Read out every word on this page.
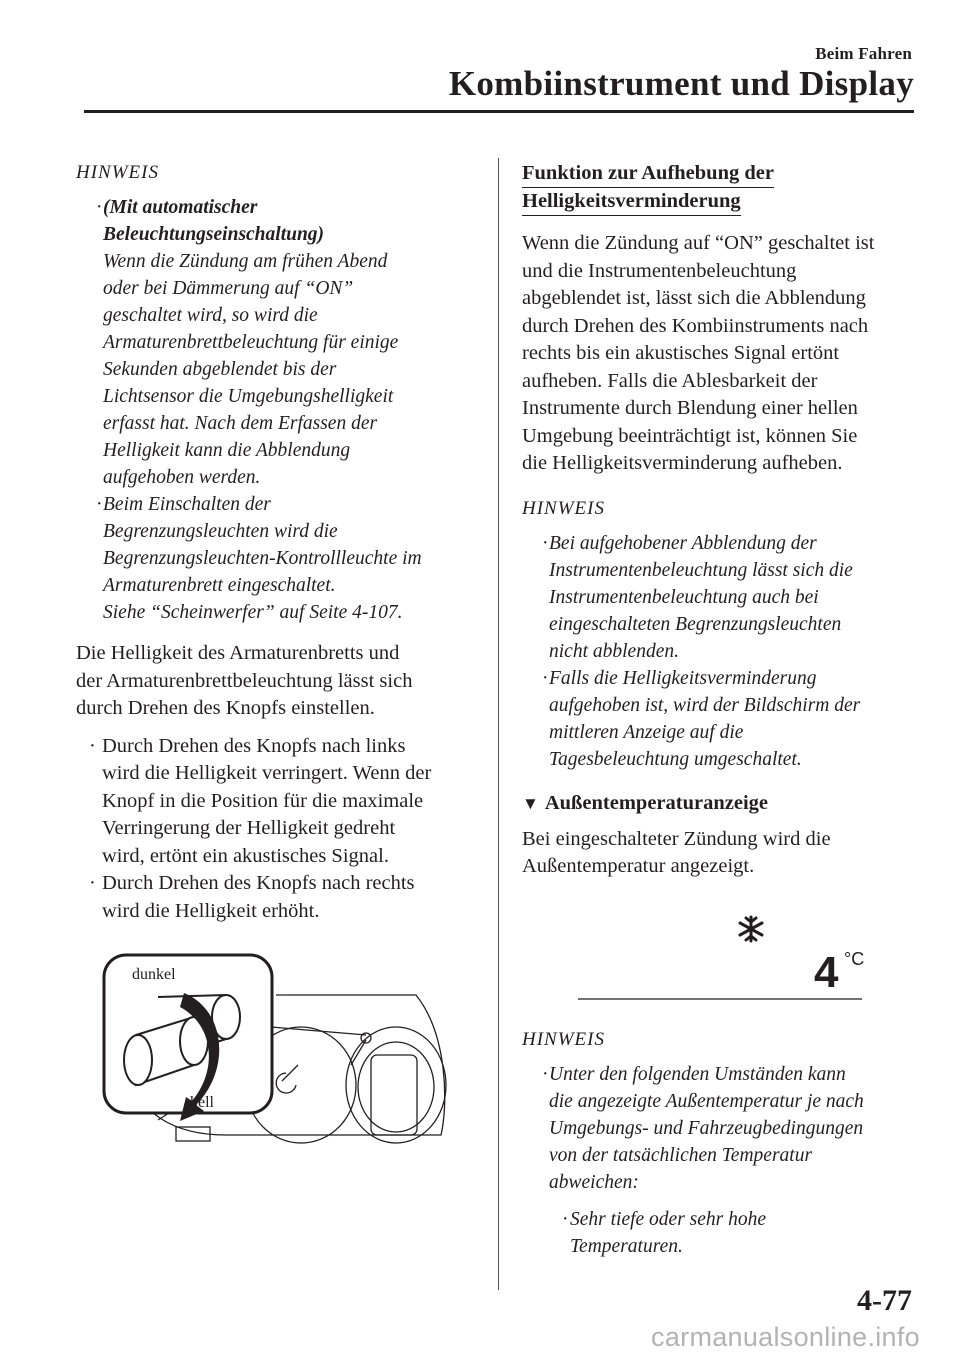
Beim Fahren
Kombiinstrument und Display
HINWEIS
· (Mit automatischer
Beleuchtungseinschaltung)
Wenn die Zündung am frühen Abend
oder bei Dämmerung auf “ON”
geschaltet wird, so wird die
Armaturenbrettbeleuchtung für einige
Sekunden abgeblendet bis der
Lichtsensor die Umgebungshelligkeit
erfasst hat. Nach dem Erfassen der
Helligkeit kann die Abblendung
aufgehoben werden.
· Beim Einschalten der
Begrenzungsleuchten wird die
Begrenzungsleuchten-Kontrollleuchte im
Armaturenbrett eingeschaltet.
Siehe “Scheinwerfer” auf Seite 4-107.

Die Helligkeit des Armaturenbretts und
der Armaturenbrettbeleuchtung lässt sich
durch Drehen des Knopfs einstellen.

· Durch Drehen des Knopfs nach links
wird die Helligkeit verringert. Wenn der
Knopf in die Position für die maximale
Verringerung der Helligkeit gedreht
wird, ertönt ein akustisches Signal.
· Durch Drehen des Knopfs nach rechts
wird die Helligkeit erhöht.
dunkel
hell
Funktion zur Aufhebung der
Helligkeitsverminderung

Wenn die Zündung auf “ON” geschaltet ist
und die Instrumentenbeleuchtung
abgeblendet ist, lässt sich die Abblendung
durch Drehen des Kombiinstruments nach
rechts bis ein akustisches Signal ertönt
aufheben. Falls die Ablesbarkeit der
Instrumente durch Blendung einer hellen
Umgebung beeinträchtigt ist, können Sie
die Helligkeitsverminderung aufheben.

HINWEIS
· Bei aufgehobener Abblendung der
Instrumentenbeleuchtung lässt sich die
Instrumentenbeleuchtung auch bei
eingeschalteten Begrenzungsleuchten
nicht abblenden.
· Falls die Helligkeitsverminderung
aufgehoben ist, wird der Bildschirm der
mittleren Anzeige auf die
Tagesbeleuchtung umgeschaltet.
▼ Außentemperaturanzeige

Bei eingeschalteter Zündung wird die
Außentemperatur angezeigt.

4 °C
HINWEIS
· Unter den folgenden Umständen kann
die angezeigte Außentemperatur je nach
Umgebungs- und Fahrzeugbedingungen
von der tatsächlichen Temperatur
abweichen:
· Sehr tiefe oder sehr hohe
Temperaturen.
4-77
carmanualsonline.info
